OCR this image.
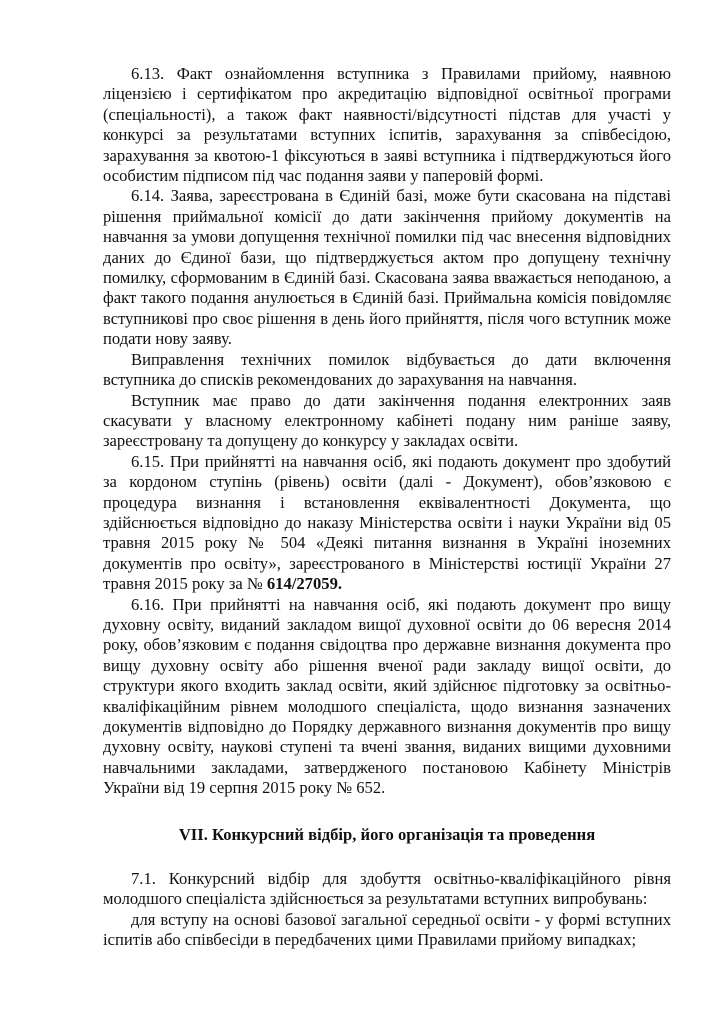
6.13. Факт ознайомлення вступника з Правилами прийому, наявною ліцензією і сертифікатом про акредитацію відповідної освітньої програми (спеціальності), а також факт наявності/відсутності підстав для участі у конкурсі за результатами вступних іспитів, зарахування за співбесідою, зарахування за квотою-1 фіксуються в заяві вступника і підтверджуються його особистим підписом під час подання заяви у паперовій формі.

6.14. Заява, зареєстрована в Єдиній базі, може бути скасована на підставі рішення приймальної комісії до дати закінчення прийому документів на навчання за умови допущення технічної помилки під час внесення відповідних даних до Єдиної бази, що підтверджується актом про допущену технічну помилку, сформованим в Єдиній базі. Скасована заява вважається неподаною, а факт такого подання анулюється в Єдиній базі. Приймальна комісія повідомляє вступникові про своє рішення в день його прийняття, після чого вступник може подати нову заяву.

Виправлення технічних помилок відбувається до дати включення вступника до списків рекомендованих до зарахування на навчання.

Вступник має право до дати закінчення подання електронних заяв скасувати у власному електронному кабінеті подану ним раніше заяву, зареєстровану та допущену до конкурсу у закладах освіти.

6.15. При прийнятті на навчання осіб, які подають документ про здобутий за кордоном ступінь (рівень) освіти (далі - Документ), обов’язковою є процедура визнання і встановлення еквівалентності Документа, що здійснюється відповідно до наказу Міністерства освіти і науки України від 05 травня 2015 року № 504 «Деякі питання визнання в Україні іноземних документів про освіту», зареєстрованого в Міністерстві юстиції України 27 травня 2015 року за № 614/27059.

6.16. При прийнятті на навчання осіб, які подають документ про вищу духовну освіту, виданий закладом вищої духовної освіти до 06 вересня 2014 року, обов’язковим є подання свідоцтва про державне визнання документа про вищу духовну освіту або рішення вченої ради закладу вищої освіти, до структури якого входить заклад освіти, який здійснює підготовку за освітньо-кваліфікаційним рівнем молодшого спеціаліста, щодо визнання зазначених документів відповідно до Порядку державного визнання документів про вищу духовну освіту, наукові ступені та вчені звання, виданих вищими духовними навчальними закладами, затвердженого постановою Кабінету Міністрів України від 19 серпня 2015 року № 652.

VII. Конкурсний відбір, його організація та проведення

7.1. Конкурсний відбір для здобуття освітньо-кваліфікаційного рівня молодшого спеціаліста здійснюється за результатами вступних випробувань:

для вступу на основі базової загальної середньої освіти - у формі вступних іспитів або співбесіди в передбачених цими Правилами прийому випадках;
